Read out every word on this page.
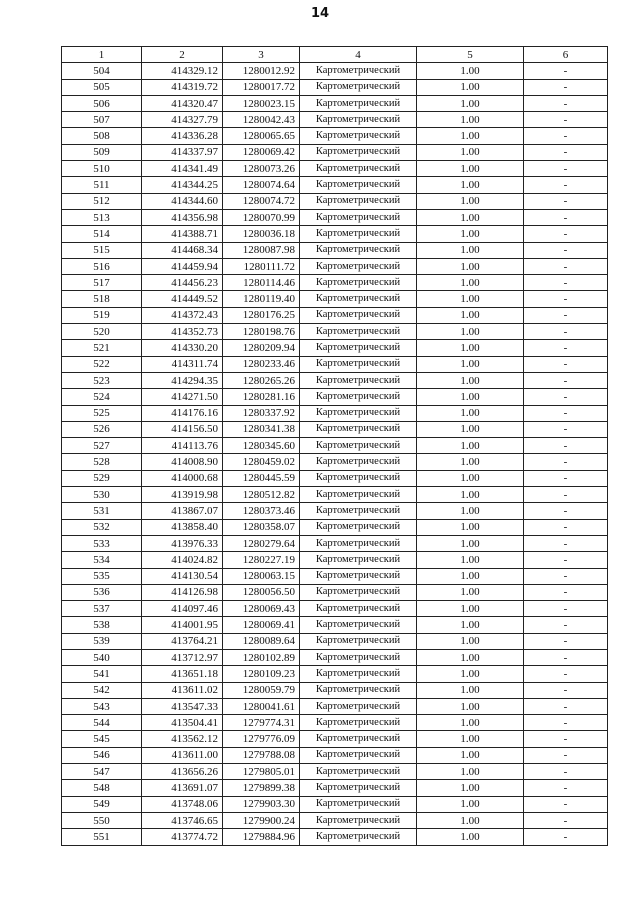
14
1	2	3	4	5	6
504	414329.12	1280012.92	Картометрический	1.00	-
505	414319.72	1280017.72	Картометрический	1.00	-
506	414320.47	1280023.15	Картометрический	1.00	-
507	414327.79	1280042.43	Картометрический	1.00	-
508	414336.28	1280065.65	Картометрический	1.00	-
509	414337.97	1280069.42	Картометрический	1.00	-
510	414341.49	1280073.26	Картометрический	1.00	-
511	414344.25	1280074.64	Картометрический	1.00	-
512	414344.60	1280074.72	Картометрический	1.00	-
513	414356.98	1280070.99	Картометрический	1.00	-
514	414388.71	1280036.18	Картометрический	1.00	-
515	414468.34	1280087.98	Картометрический	1.00	-
516	414459.94	1280111.72	Картометрический	1.00	-
517	414456.23	1280114.46	Картометрический	1.00	-
518	414449.52	1280119.40	Картометрический	1.00	-
519	414372.43	1280176.25	Картометрический	1.00	-
520	414352.73	1280198.76	Картометрический	1.00	-
521	414330.20	1280209.94	Картометрический	1.00	-
522	414311.74	1280233.46	Картометрический	1.00	-
523	414294.35	1280265.26	Картометрический	1.00	-
524	414271.50	1280281.16	Картометрический	1.00	-
525	414176.16	1280337.92	Картометрический	1.00	-
526	414156.50	1280341.38	Картометрический	1.00	-
527	414113.76	1280345.60	Картометрический	1.00	-
528	414008.90	1280459.02	Картометрический	1.00	-
529	414000.68	1280445.59	Картометрический	1.00	-
530	413919.98	1280512.82	Картометрический	1.00	-
531	413867.07	1280373.46	Картометрический	1.00	-
532	413858.40	1280358.07	Картометрический	1.00	-
533	413976.33	1280279.64	Картометрический	1.00	-
534	414024.82	1280227.19	Картометрический	1.00	-
535	414130.54	1280063.15	Картометрический	1.00	-
536	414126.98	1280056.50	Картометрический	1.00	-
537	414097.46	1280069.43	Картометрический	1.00	-
538	414001.95	1280069.41	Картометрический	1.00	-
539	413764.21	1280089.64	Картометрический	1.00	-
540	413712.97	1280102.89	Картометрический	1.00	-
541	413651.18	1280109.23	Картометрический	1.00	-
542	413611.02	1280059.79	Картометрический	1.00	-
543	413547.33	1280041.61	Картометрический	1.00	-
544	413504.41	1279774.31	Картометрический	1.00	-
545	413562.12	1279776.09	Картометрический	1.00	-
546	413611.00	1279788.08	Картометрический	1.00	-
547	413656.26	1279805.01	Картометрический	1.00	-
548	413691.07	1279899.38	Картометрический	1.00	-
549	413748.06	1279903.30	Картометрический	1.00	-
550	413746.65	1279900.24	Картометрический	1.00	-
551	413774.72	1279884.96	Картометрический	1.00	-
